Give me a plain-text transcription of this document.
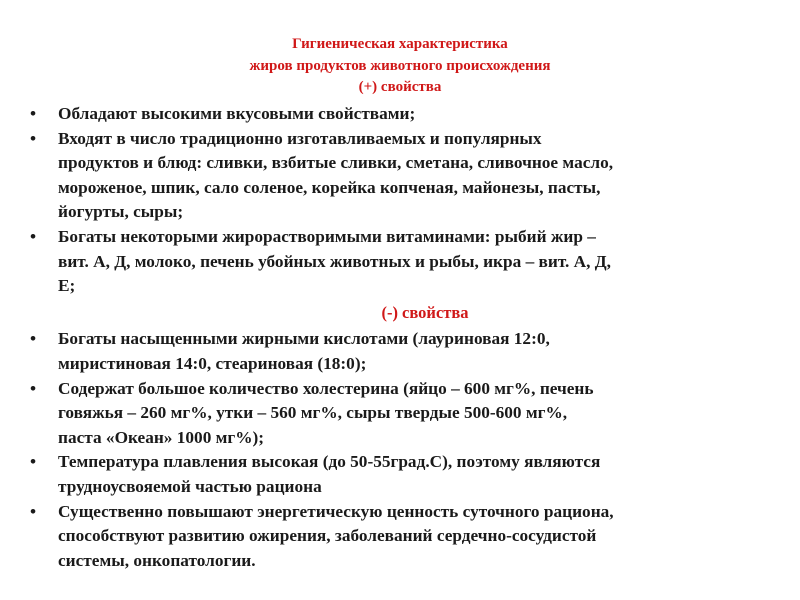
Гигиеническая характеристика
жиров продуктов животного происхождения
(+) свойства
• Обладают высокими вкусовыми свойствами;
• Входят в число традиционно изготавливаемых и популярных
продуктов и блюд: сливки, взбитые сливки, сметана, сливочное масло,
мороженое, шпик, сало соленое, корейка копченая, майонезы, пасты,
йогурты, сыры;
• Богаты некоторыми жирорастворимыми витаминами: рыбий жир –
вит. А, Д, молоко, печень убойных животных и рыбы, икра – вит. А, Д,
Е;
(-) свойства
• Богаты насыщенными жирными кислотами (лауриновая 12:0,
миристиновая 14:0, стеариновая (18:0);
• Содержат большое количество холестерина (яйцо – 600 мг%, печень
говяжья – 260 мг%, утки – 560 мг%, сыры твердые 500-600 мг%,
паста «Океан» 1000 мг%);
• Температура плавления высокая (до 50-55град.С), поэтому являются
трудноусвояемой частью рациона
• Существенно повышают энергетическую ценность суточного рациона,
способствуют развитию ожирения, заболеваний сердечно-сосудистой
системы, онкопатологии.
